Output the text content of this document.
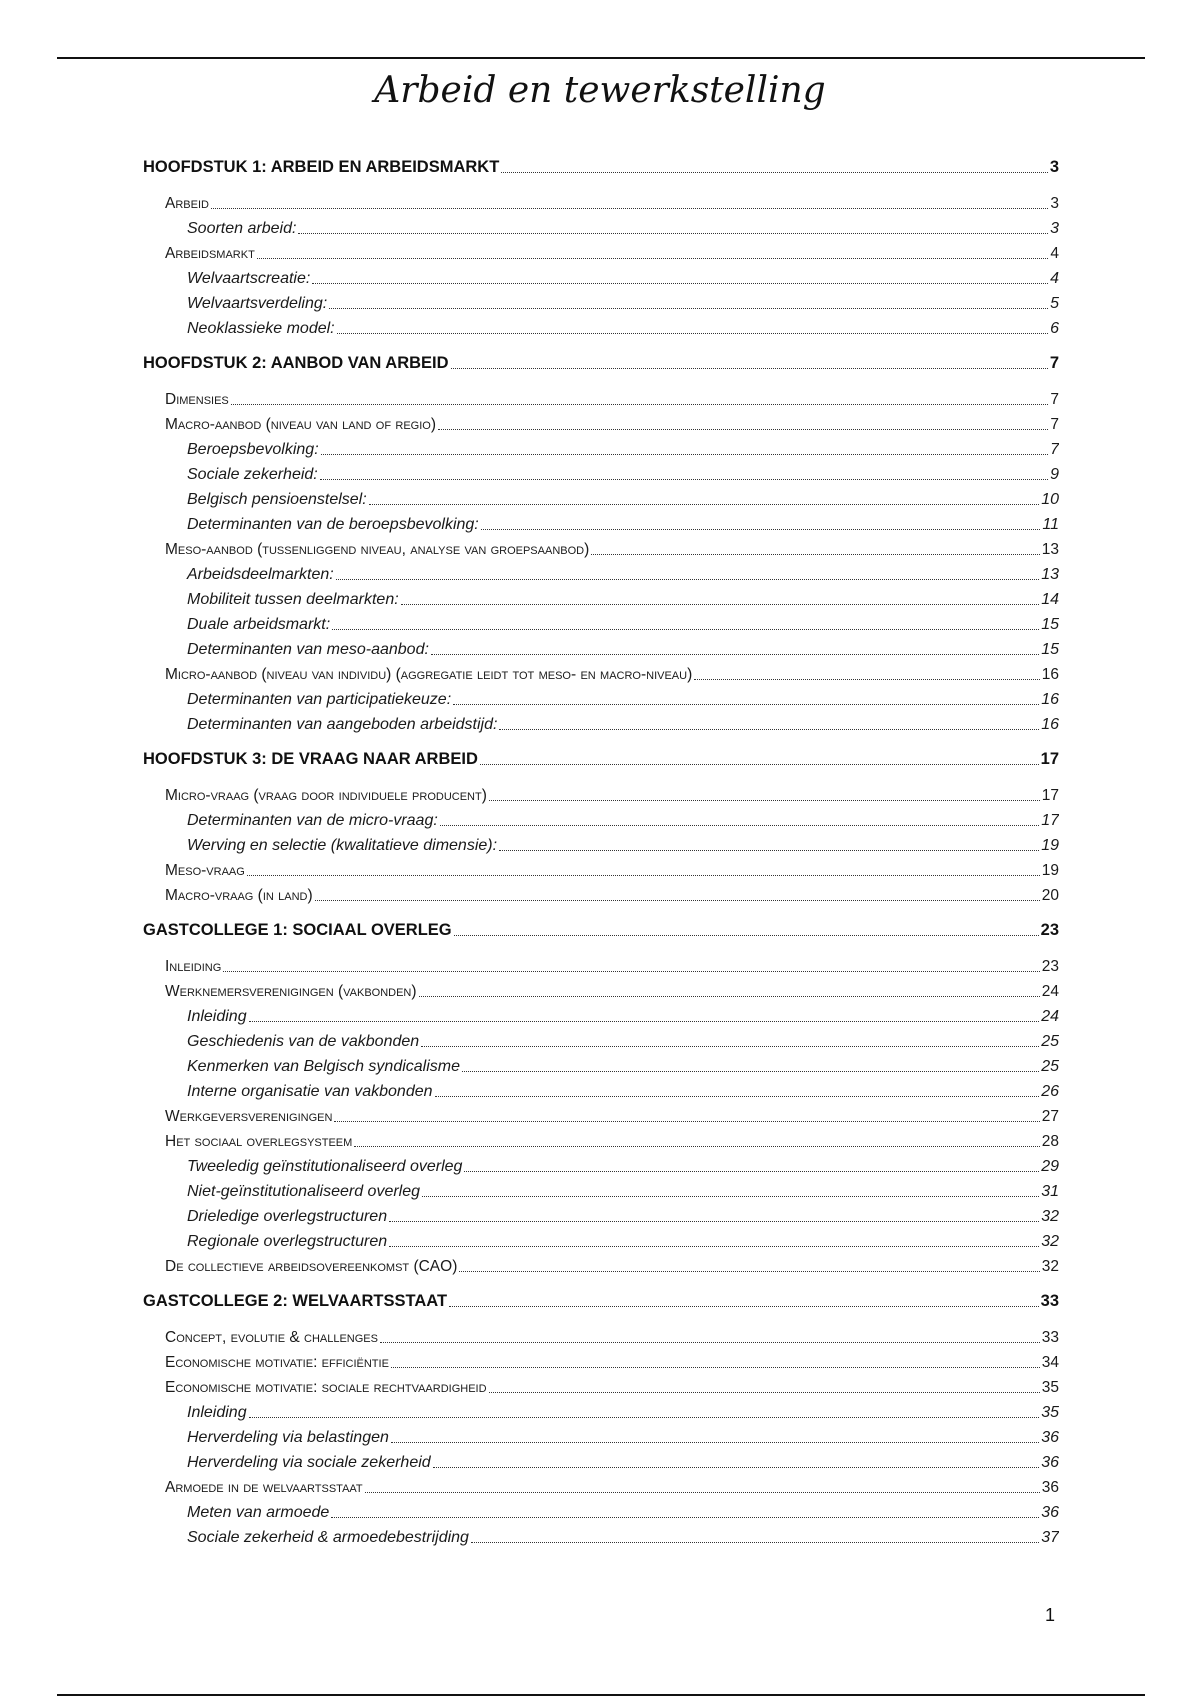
Arbeid en tewerkstelling
HOOFDSTUK 1: ARBEID EN ARBEIDSMARKT	3
Arbeid	3
Soorten arbeid:	3
Arbeidsmarkt	4
Welvaartscreatie:	4
Welvaartsverdeling:	5
Neoklassieke model:	6
HOOFDSTUK 2: AANBOD VAN ARBEID	7
Dimensies	7
Macro-aanbod (niveau van land of regio)	7
Beroepsbevolking:	7
Sociale zekerheid:	9
Belgisch pensioenstelsel:	10
Determinanten van de beroepsbevolking:	11
Meso-aanbod (tussenliggend niveau, analyse van groepsaanbod)	13
Arbeidsdeelmarkten:	13
Mobiliteit tussen deelmarkten:	14
Duale arbeidsmarkt:	15
Determinanten van meso-aanbod:	15
Micro-aanbod (niveau van individu) (aggregatie leidt tot meso- en macro-niveau)	16
Determinanten van participatiekeuze:	16
Determinanten van aangeboden arbeidstijd:	16
HOOFDSTUK 3: DE VRAAG NAAR ARBEID	17
Micro-vraag (vraag door individuele producent)	17
Determinanten van de micro-vraag:	17
Werving en selectie (kwalitatieve dimensie):	19
Meso-vraag	19
Macro-vraag (in land)	20
GASTCOLLEGE 1: SOCIAAL OVERLEG	23
Inleiding	23
Werknemersverenigingen (vakbonden)	24
Inleiding	24
Geschiedenis van de vakbonden	25
Kenmerken van Belgisch syndicalisme	25
Interne organisatie van vakbonden	26
Werkgeversverenigingen	27
Het sociaal overlegsysteem	28
Tweeledig geïnstitutionaliseerd overleg	29
Niet-geïnstitutionaliseerd overleg	31
Drieledige overlegstructuren	32
Regionale overlegstructuren	32
De collectieve arbeidsovereenkomst (CAO)	32
GASTCOLLEGE 2: WELVAARTSSTAAT	33
Concept, evolutie & challenges	33
Economische motivatie: efficiëntie	34
Economische motivatie: sociale rechtvaardigheid	35
Inleiding	35
Herverdeling via belastingen	36
Herverdeling via sociale zekerheid	36
Armoede in de welvaartsstaat	36
Meten van armoede	36
Sociale zekerheid & armoedebestrijding	37
1
